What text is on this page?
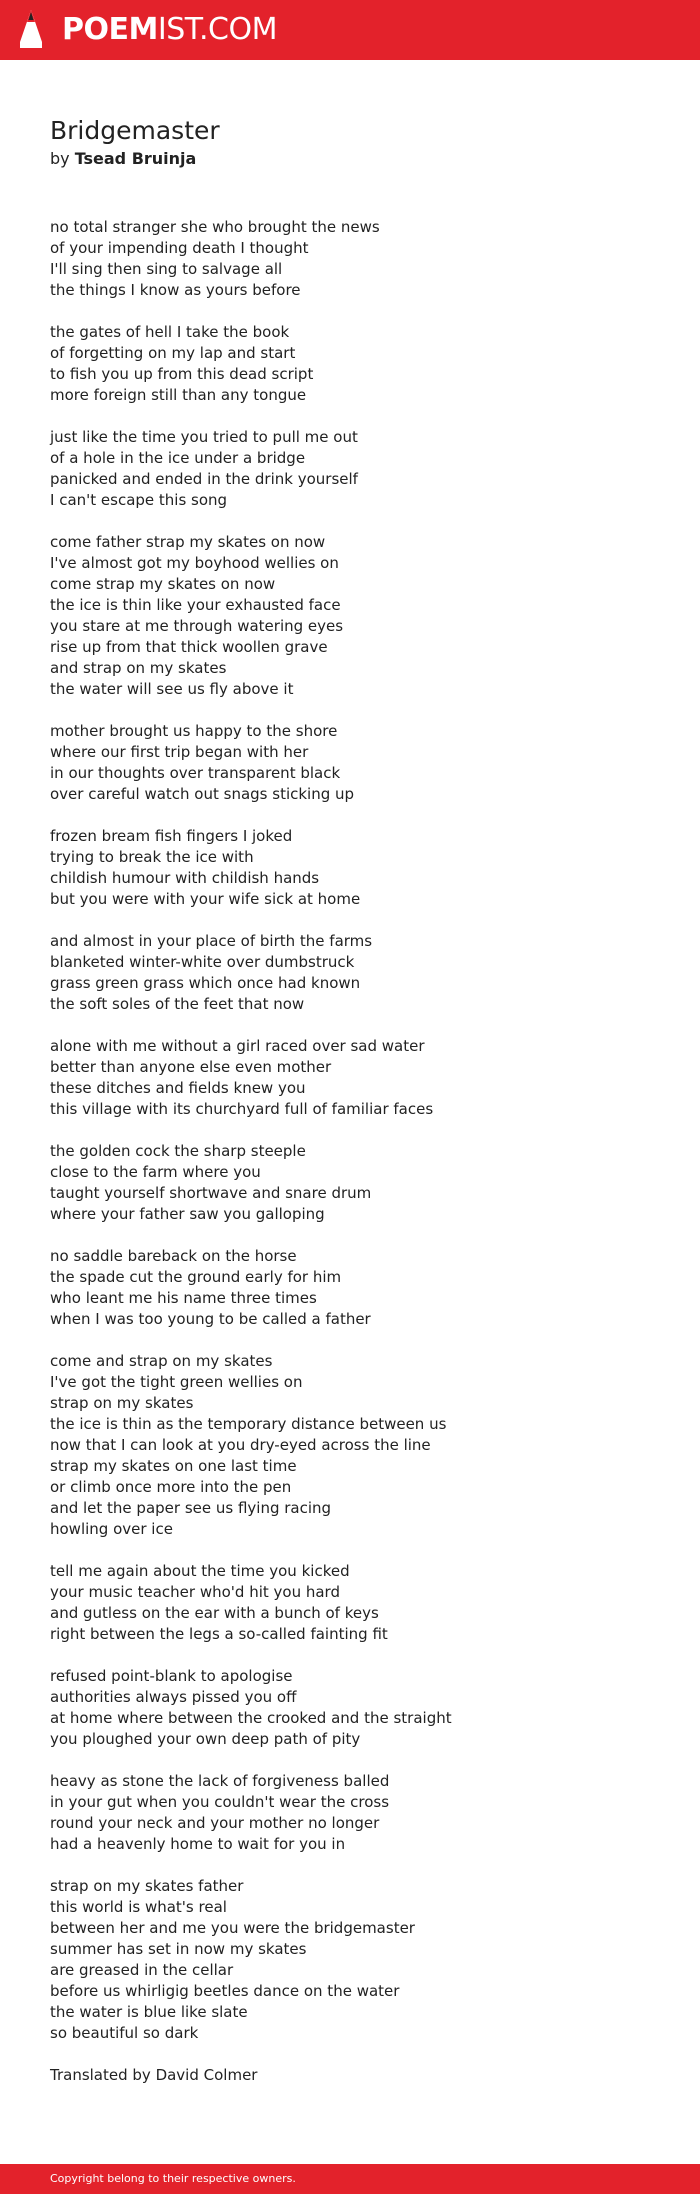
POEMIST.COM
Bridgemaster
by Tsead Bruinja
no total stranger she who brought the news
of your impending death I thought
I'll sing then sing to salvage all
the things I know as yours before
the gates of hell I take the book
of forgetting on my lap and start
to fish you up from this dead script
more foreign still than any tongue
just like the time you tried to pull me out
of a hole in the ice under a bridge
panicked and ended in the drink yourself
I can't escape this song
come father strap my skates on now
I've almost got my boyhood wellies on
come strap my skates on now
the ice is thin like your exhausted face
you stare at me through watering eyes
rise up from that thick woollen grave
and strap on my skates
the water will see us fly above it
mother brought us happy to the shore
where our first trip began with her
in our thoughts over transparent black
over careful watch out snags sticking up
frozen bream fish fingers I joked
trying to break the ice with
childish humour with childish hands
but you were with your wife sick at home
and almost in your place of birth the farms
blanketed winter-white over dumbstruck
grass green grass which once had known
the soft soles of the feet that now
alone with me without a girl raced over sad water
better than anyone else even mother
these ditches and fields knew you
this village with its churchyard full of familiar faces
the golden cock the sharp steeple
close to the farm where you
taught yourself shortwave and snare drum
where your father saw you galloping
no saddle bareback on the horse
the spade cut the ground early for him
who leant me his name three times
when I was too young to be called a father
come and strap on my skates
I've got the tight green wellies on
strap on my skates
the ice is thin as the temporary distance between us
now that I can look at you dry-eyed across the line
strap my skates on one last time
or climb once more into the pen
and let the paper see us flying racing
howling over ice
tell me again about the time you kicked
your music teacher who'd hit you hard
and gutless on the ear with a bunch of keys
right between the legs a so-called fainting fit
refused point-blank to apologise
authorities always pissed you off
at home where between the crooked and the straight
you ploughed your own deep path of pity
heavy as stone the lack of forgiveness balled
in your gut when you couldn't wear the cross
round your neck and your mother no longer
had a heavenly home to wait for you in
strap on my skates father
this world is what's real
between her and me you were the bridgemaster
summer has set in now my skates
are greased in the cellar
before us whirligig beetles dance on the water
the water is blue like slate
so beautiful so dark
Translated by David Colmer
Copyright belong to their respective owners.
